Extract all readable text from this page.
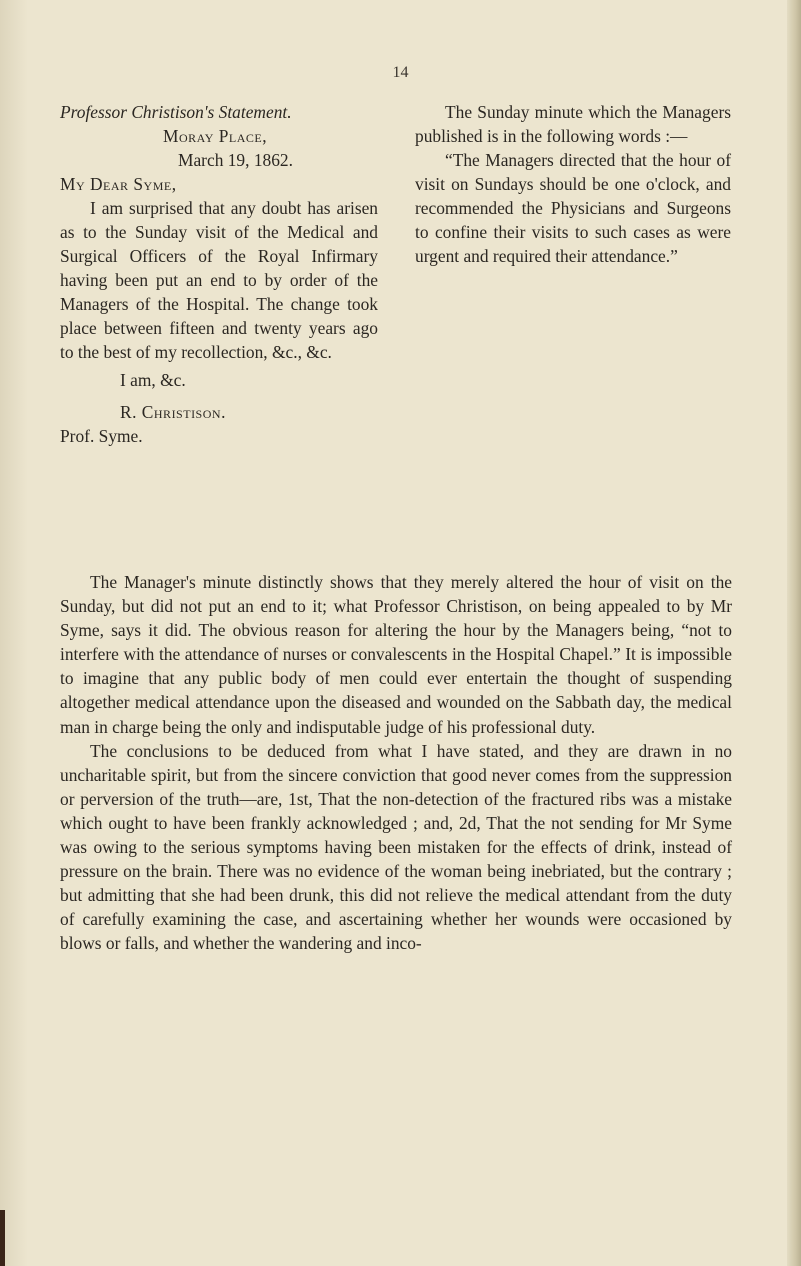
14

Professor Christison's Statement.

Moray Place,

March 19, 1862.

My Dear Syme,

I am surprised that any doubt has arisen as to the Sunday visit of the Medical and Surgical Officers of the Royal Infirmary having been put an end to by order of the Managers of the Hospital. The change took place between fifteen and twenty years ago to the best of my recollection, &c., &c.

I am, &c.

R. Christison.

Prof. Syme.

The Sunday minute which the Managers published is in the following words :—

“The Managers directed that the hour of visit on Sundays should be one o'clock, and recommended the Physicians and Surgeons to confine their visits to such cases as were urgent and required their attendance.”

The Manager's minute distinctly shows that they merely altered the hour of visit on the Sunday, but did not put an end to it; what Professor Christison, on being appealed to by Mr Syme, says it did. The obvious reason for altering the hour by the Managers being, “not to interfere with the attendance of nurses or convalescents in the Hospital Chapel.” It is impossible to imagine that any public body of men could ever entertain the thought of suspending altogether medical attendance upon the diseased and wounded on the Sabbath day, the medical man in charge being the only and indisputable judge of his professional duty.

The conclusions to be deduced from what I have stated, and they are drawn in no uncharitable spirit, but from the sincere conviction that good never comes from the suppression or perversion of the truth—are, 1st, That the non-detection of the fractured ribs was a mistake which ought to have been frankly acknowledged ; and, 2d, That the not sending for Mr Syme was owing to the serious symptoms having been mistaken for the effects of drink, instead of pressure on the brain. There was no evidence of the woman being inebriated, but the contrary ; but admitting that she had been drunk, this did not relieve the medical attendant from the duty of carefully examining the case, and ascertaining whether her wounds were occasioned by blows or falls, and whether the wandering and inco-
